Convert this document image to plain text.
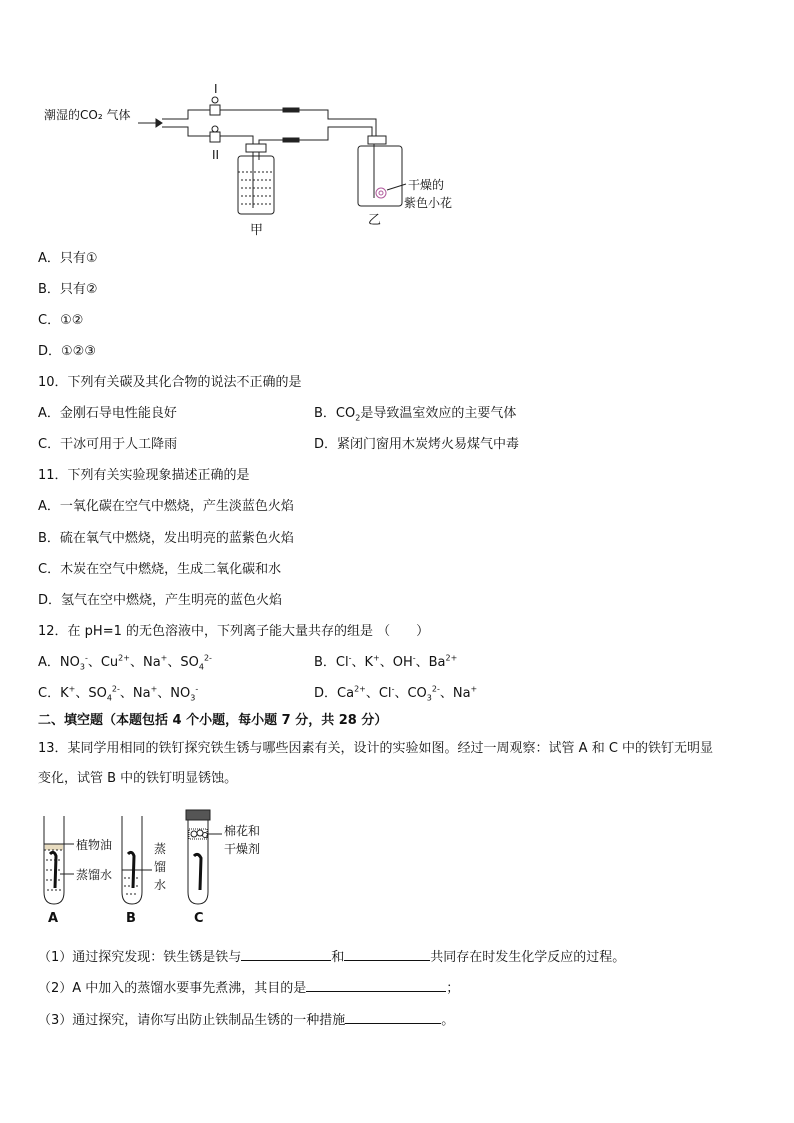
潮湿的CO₂ 气体
I
II
甲
乙
干燥的
紫色小花
A．只有①
B．只有②
C．①②
D．①②③
10．下列有关碳及其化合物的说法不正确的是
A．金刚石导电性能良好	B．$CO_2$是导致温室效应的主要气体
C．干冰可用于人工降雨	D．紧闭门窗用木炭烤火易煤气中毒
11．下列有关实验现象描述正确的是
A．一氧化碳在空气中燃烧，产生淡蓝色火焰
B．硫在氧气中燃烧，发出明亮的蓝紫色火焰
C．木炭在空气中燃烧，生成二氧化碳和水
D．氢气在空中燃烧，产生明亮的蓝色火焰
12．在 pH=1 的无色溶液中，下列离子能大量共存的组是 （　　）
A．$NO_3^-$、$Cu^{2+}$、Na+、$SO_4^{2-}$	B．Cl-、K+、OH-、$Ba^{2+}$
C．K+、$SO_4^{2-}$、Na+、$NO_3^-$	D．$Ca^{2+}$、Cl-、$CO_3^{2-}$、Na+
二、填空题（本题包括 4 个小题，每小题 7 分，共 28 分）
13．某同学用相同的铁钉探究铁生锈与哪些因素有关，设计的实验如图。经过一周观察：试管 A 和 C 中的铁钉无明显
变化，试管 B 中的铁钉明显锈蚀。
植物油
蒸馏水
蒸
馏
水
棉花和
干燥剂
A	B	C
（1）通过探究发现：铁生锈是铁与	和	共同存在时发生化学反应的过程。
（2）A 中加入的蒸馏水要事先煮沸，其目的是	；
（3）通过探究，请你写出防止铁制品生锈的一种措施	。
